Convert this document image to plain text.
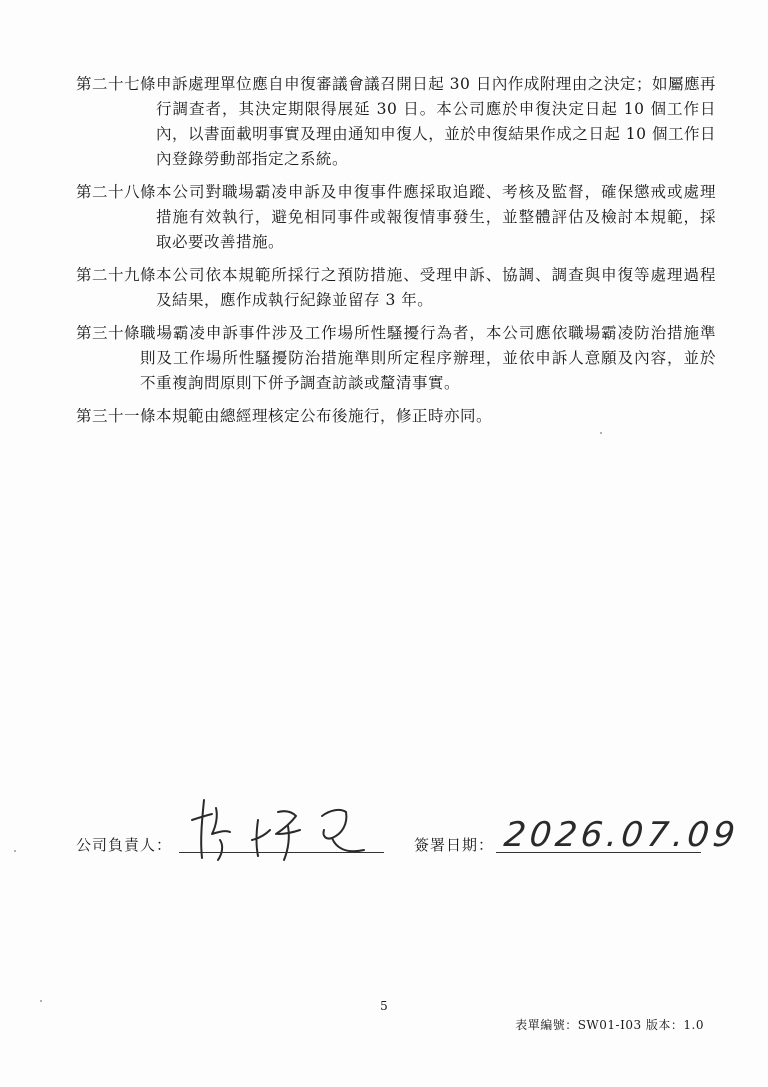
第二十七條 申訴處理單位應自申復審議會議召開日起 30 日內作成附理由之決定；如屬應再行調查者，其決定期限得展延 30 日。本公司應於申復決定日起 10 個工作日內，以書面載明事實及理由通知申復人，並於申復結果作成之日起 10 個工作日內登錄勞動部指定之系統。
第二十八條 本公司對職場霸凌申訴及申復事件應採取追蹤、考核及監督，確保懲戒或處理措施有效執行，避免相同事件或報復情事發生，並整體評估及檢討本規範，採取必要改善措施。
第二十九條 本公司依本規範所採行之預防措施、受理申訴、協調、調查與申復等處理過程及結果，應作成執行紀錄並留存 3 年。
第三十條 職場霸凌申訴事件涉及工作場所性騷擾行為者，本公司應依職場霸凌防治措施準則及工作場所性騷擾防治措施準則所定程序辦理，並依申訴人意願及內容，並於不重複詢問原則下併予調查訪談或釐清事實。
第三十一條 本規範由總經理核定公布後施行，修正時亦同。
公司負責人：	簽署日期： 2026.07.09
5
表單編號：SW01-I03 版本：1.0
